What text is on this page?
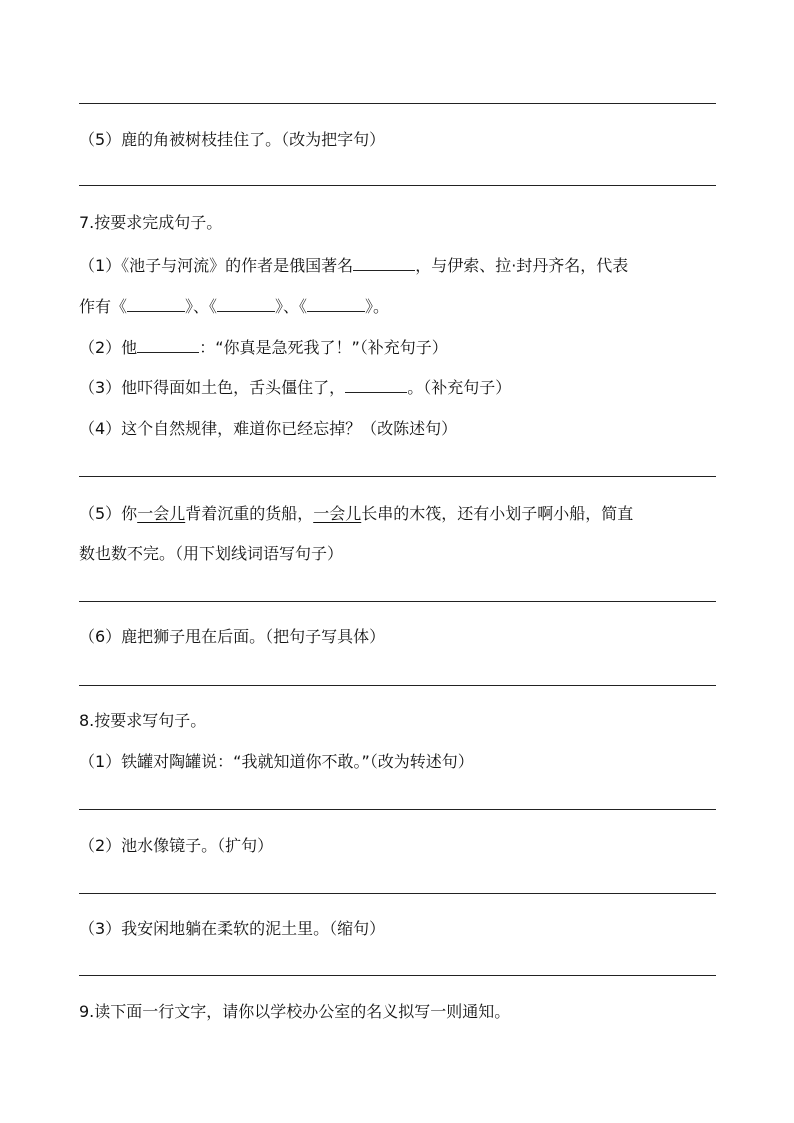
（5）鹿的角被树枝挂住了。（改为把字句）
7.按要求完成句子。
（1）《池子与河流》的作者是俄国著名	，与伊索、拉·封丹齐名，代表
作有《	》、《	》、《	》。
（2）他	：“你真是急死我了！”（补充句子）
（3）他吓得面如土色，舌头僵住了，	。（补充句子）
（4）这个自然规律，难道你已经忘掉？（改陈述句）
（5）你一会儿背着沉重的货船，一会儿长串的木筏，还有小划子啊小船，简直
数也数不完。（用下划线词语写句子）
（6）鹿把狮子甩在后面。（把句子写具体）
8.按要求写句子。
（1）铁罐对陶罐说：“我就知道你不敢。”（改为转述句）
（2）池水像镜子。（扩句）
（3）我安闲地躺在柔软的泥土里。（缩句）
9.读下面一行文字，请你以学校办公室的名义拟写一则通知。
